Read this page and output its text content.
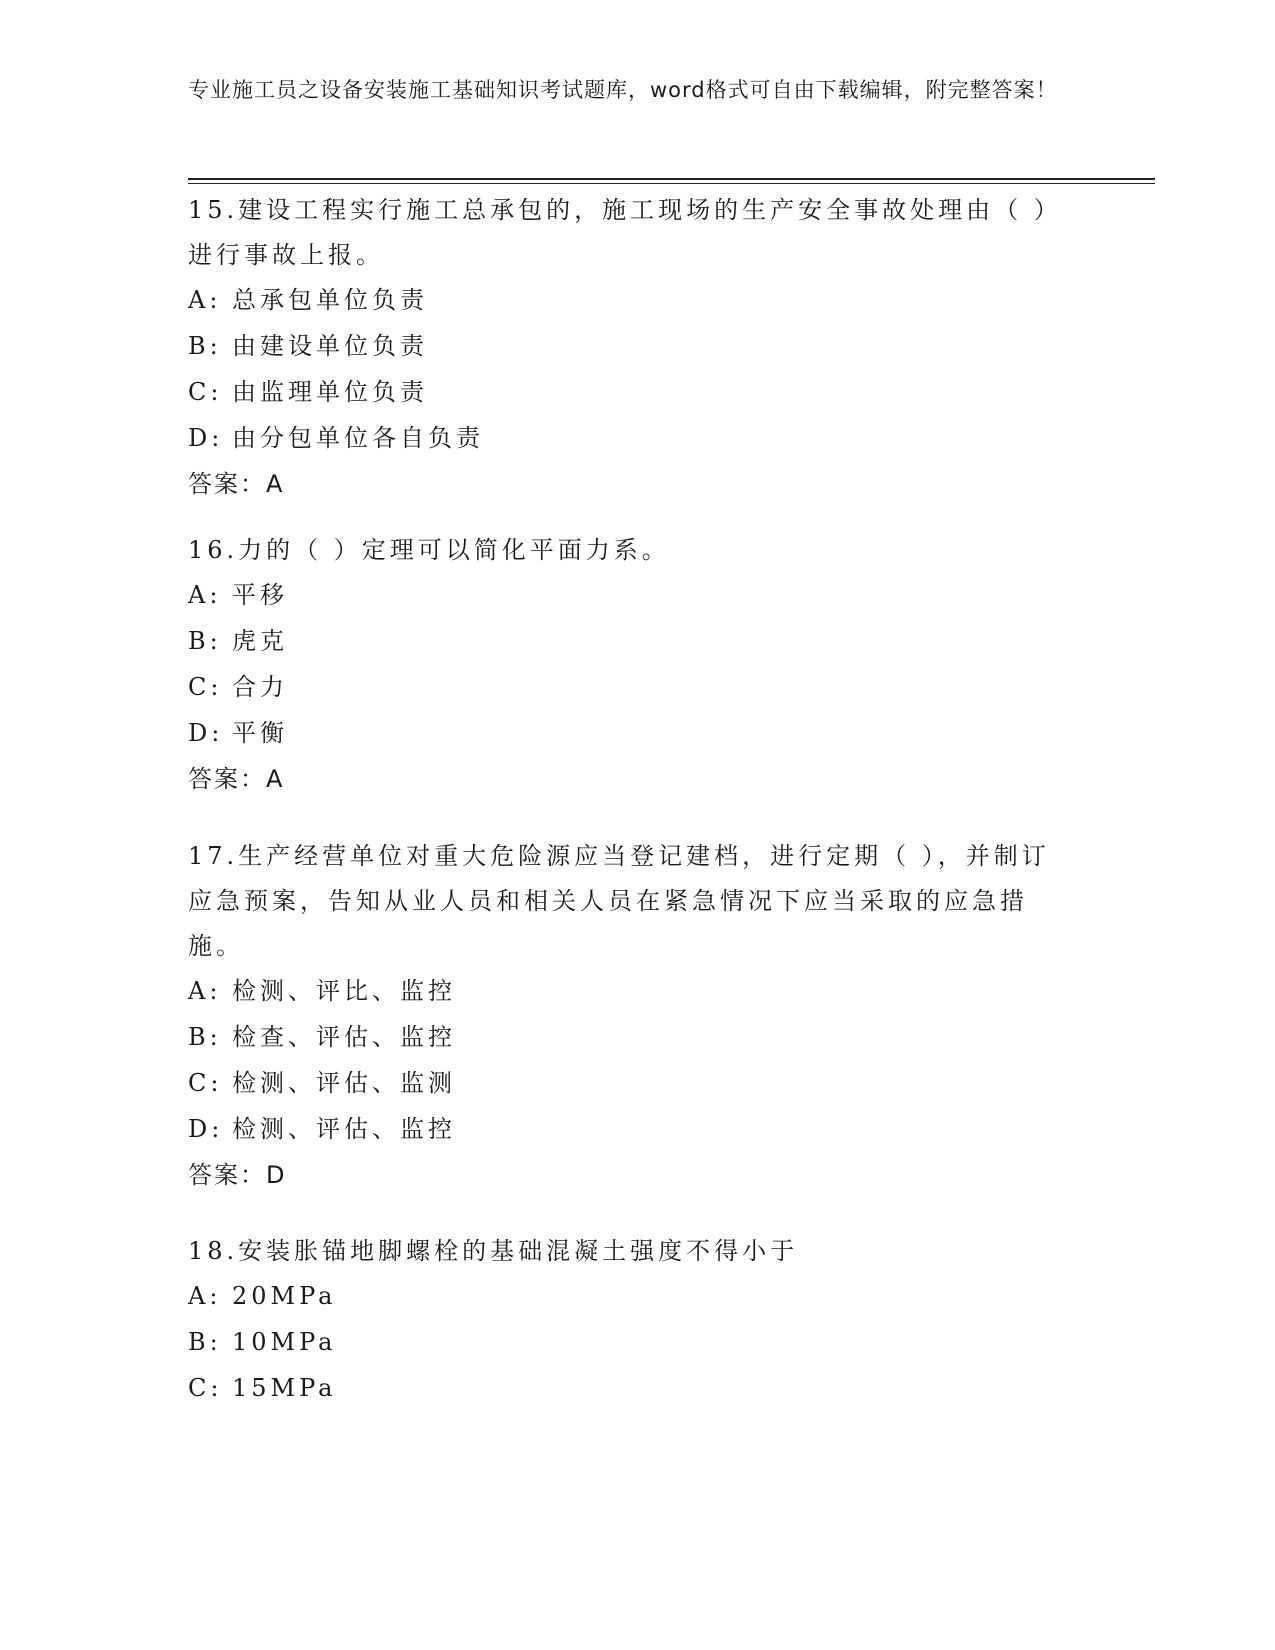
专业施工员之设备安装施工基础知识考试题库，word格式可自由下载编辑，附完整答案！

15.建设工程实行施工总承包的，施工现场的生产安全事故处理由（ ）进行事故上报。

A: 总承包单位负责

B: 由建设单位负责

C: 由监理单位负责

D: 由分包单位各自负责

答案：A

16.力的（ ）定理可以简化平面力系。

A: 平移

B: 虎克

C: 合力

D: 平衡

答案：A

17.生产经营单位对重大危险源应当登记建档，进行定期（ ），并制订应急预案，告知从业人员和相关人员在紧急情况下应当采取的应急措施。

A: 检测、评比、监控

B: 检查、评估、监控

C: 检测、评估、监测

D: 检测、评估、监控

答案：D

18.安装胀锚地脚螺栓的基础混凝土强度不得小于

A: 20MPa

B: 10MPa

C: 15MPa
